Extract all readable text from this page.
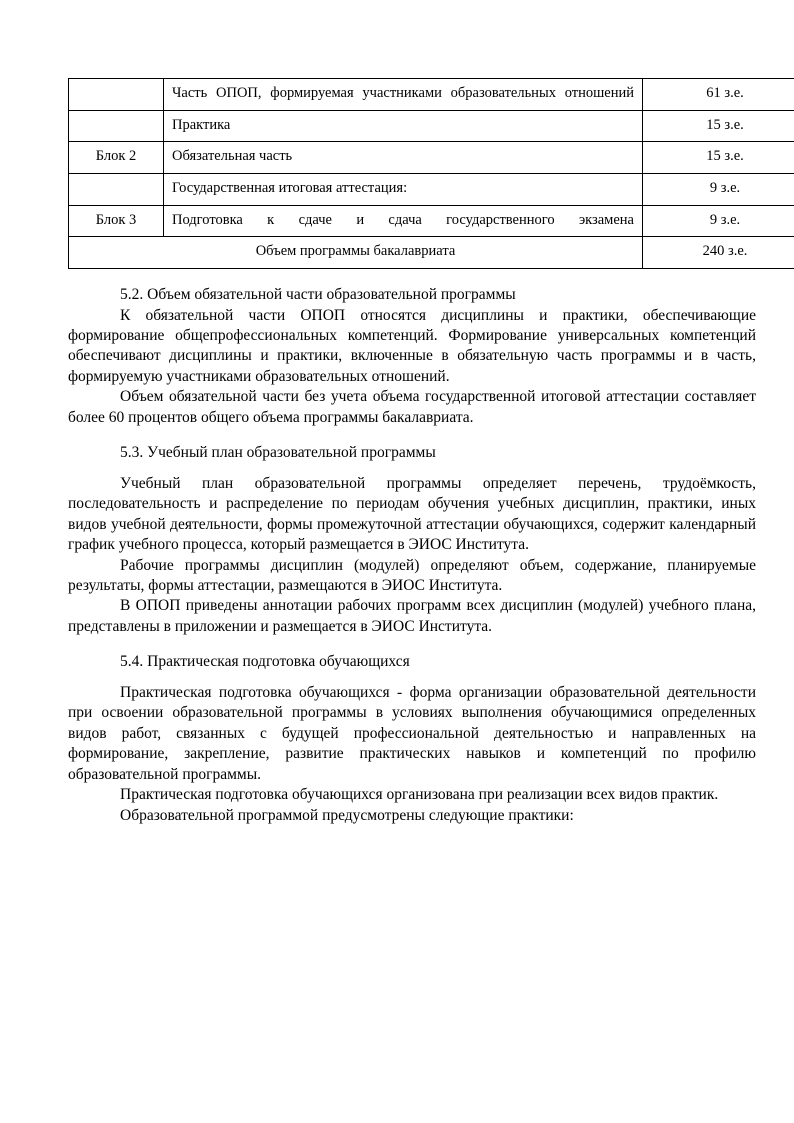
	Часть ОПОП, формируемая участниками образовательных отношений	61 з.е.
	Практика	15 з.е.
Блок 2	Обязательная часть	15 з.е.
	Государственная итоговая аттестация:	9 з.е.
Блок 3	Подготовка к сдаче и сдача государственного экзамена	9 з.е.
Объем программы бакалавриата		240 з.е.

5.2. Объем обязательной части образовательной программы

К обязательной части ОПОП относятся дисциплины и практики, обеспечивающие формирование общепрофессиональных компетенций. Формирование универсальных компетенций обеспечивают дисциплины и практики, включенные в обязательную часть программы и в часть, формируемую участниками образовательных отношений.

Объем обязательной части без учета объема государственной итоговой аттестации составляет более 60 процентов общего объема программы бакалавриата.

5.3. Учебный план образовательной программы

Учебный план образовательной программы определяет перечень, трудоёмкость, последовательность и распределение по периодам обучения учебных дисциплин, практики, иных видов учебной деятельности, формы промежуточной аттестации обучающихся, содержит календарный график учебного процесса, который размещается в ЭИОС Института.

Рабочие программы дисциплин (модулей) определяют объем, содержание, планируемые результаты, формы аттестации, размещаются в ЭИОС Института.

В ОПОП приведены аннотации рабочих программ всех дисциплин (модулей) учебного плана, представлены в приложении и размещается в ЭИОС Института.

5.4. Практическая подготовка обучающихся

Практическая подготовка обучающихся - форма организации образовательной деятельности при освоении образовательной программы в условиях выполнения обучающимися определенных видов работ, связанных с будущей профессиональной деятельностью и направленных на формирование, закрепление, развитие практических навыков и компетенций по профилю образовательной программы.

Практическая подготовка обучающихся организована при реализации всех видов практик.

Образовательной программой предусмотрены следующие практики:
